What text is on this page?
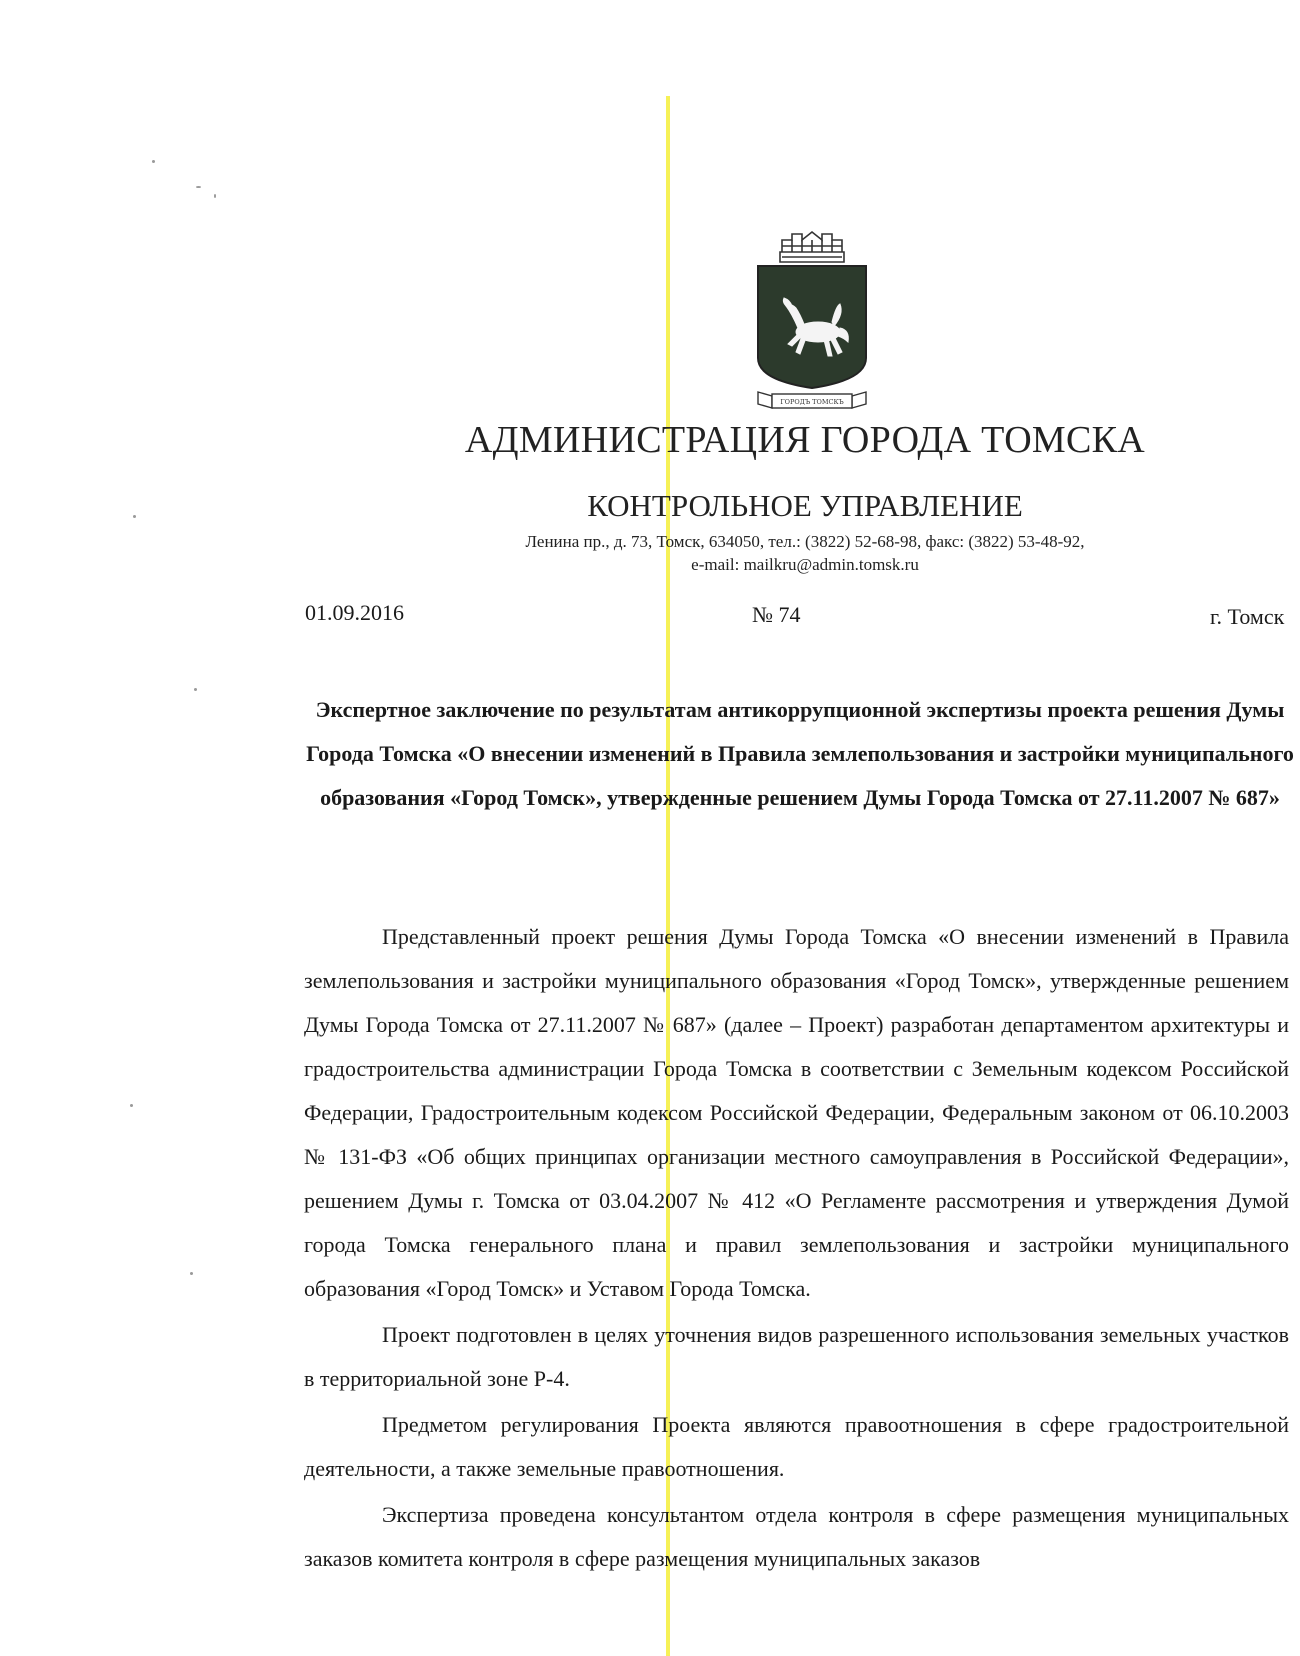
ГОРОДЪ ТОМСКЪ
АДМИНИСТРАЦИЯ ГОРОДА ТОМСКА
КОНТРОЛЬНОЕ УПРАВЛЕНИЕ
Ленина пр., д. 73, Томск, 634050, тел.: (3822) 52-68-98, факс: (3822) 53-48-92,
e-mail: mailkru@admin.tomsk.ru
01.09.2016	№ 74	г. Томск
Экспертное заключение по результатам антикоррупционной экспертизы проекта решения Думы Города Томска «О внесении изменений в Правила землепользования и застройки муниципального образования «Город Томск», утвержденные решением Думы Города Томска от 27.11.2007 № 687»

Представленный проект решения Думы Города Томска «О внесении изменений в Правила землепользования и застройки муниципального образования «Город Томск», утвержденные решением Думы Города Томска от 27.11.2007 № 687» (далее – Проект) разработан департаментом архитектуры и градостроительства администрации Города Томска в соответствии с Земельным кодексом Российской Федерации, Градостроительным кодексом Российской Федерации, Федеральным законом от 06.10.2003 № 131-ФЗ «Об общих принципах организации местного самоуправления в Российской Федерации», решением Думы г. Томска от 03.04.2007 № 412 «О Регламенте рассмотрения и утверждения Думой города Томска генерального плана и правил землепользования и застройки муниципального образования «Город Томск» и Уставом Города Томска.

Проект подготовлен в целях уточнения видов разрешенного использования земельных участков в территориальной зоне Р-4.

Предметом регулирования Проекта являются правоотношения в сфере градостроительной деятельности, а также земельные правоотношения.

Экспертиза проведена консультантом отдела контроля в сфере размещения муниципальных заказов комитета контроля в сфере размещения муниципальных заказов
